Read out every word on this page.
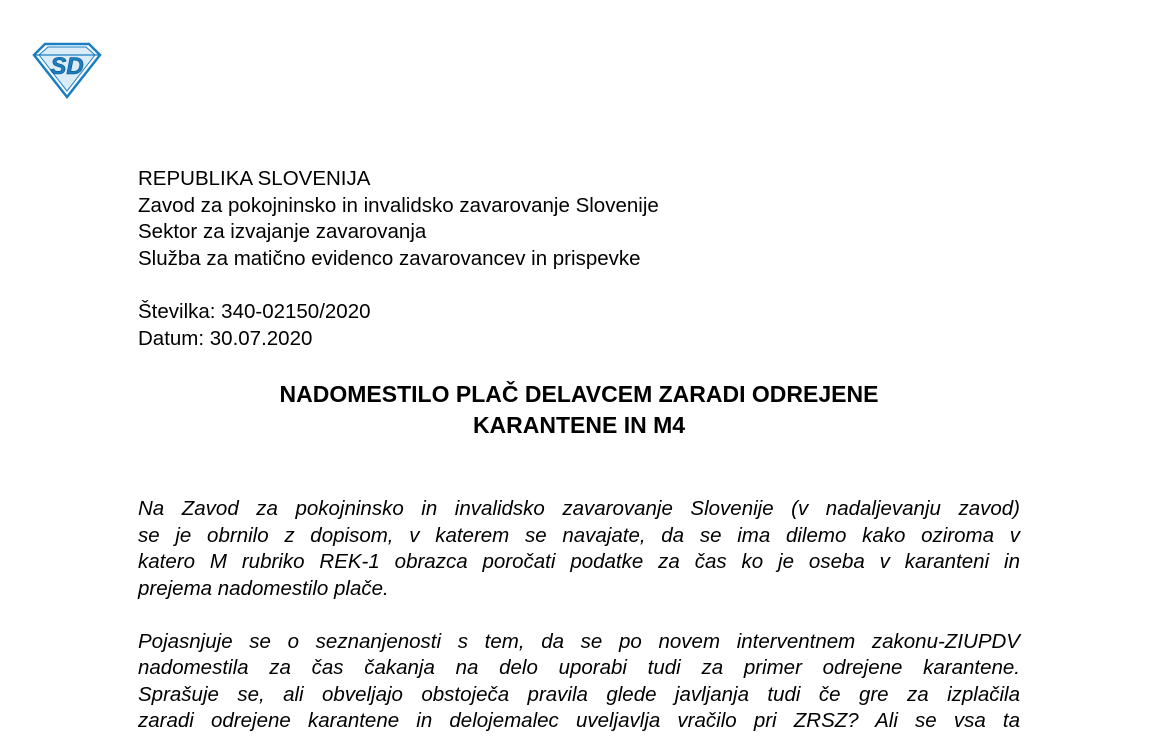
SD
REPUBLIKA SLOVENIJA
Zavod za pokojninsko in invalidsko zavarovanje Slovenije
Sektor za izvajanje zavarovanja
Služba za matično evidenco zavarovancev in prispevke
Številka: 340-02150/2020
Datum: 30.07.2020
NADOMESTILO PLAČ DELAVCEM ZARADI ODREJENE
KARANTENE IN M4
Na Zavod za pokojninsko in invalidsko zavarovanje Slovenije (v nadaljevanju zavod)
se je obrnilo z dopisom, v katerem se navajate, da se ima dilemo kako oziroma v
katero M rubriko REK-1 obrazca poročati podatke za čas ko je oseba v karanteni in
prejema nadomestilo plače.
Pojasnjuje se o seznanjenosti s tem, da se po novem interventnem zakonu-ZIUPDV
nadomestila za čas čakanja na delo uporabi tudi za primer odrejene karantene.
Sprašuje se, ali obveljajo obstoječa pravila glede javljanja tudi če gre za izplačila
zaradi odrejene karantene in delojemalec uveljavlja vračilo pri ZRSZ? Ali se vsa ta
